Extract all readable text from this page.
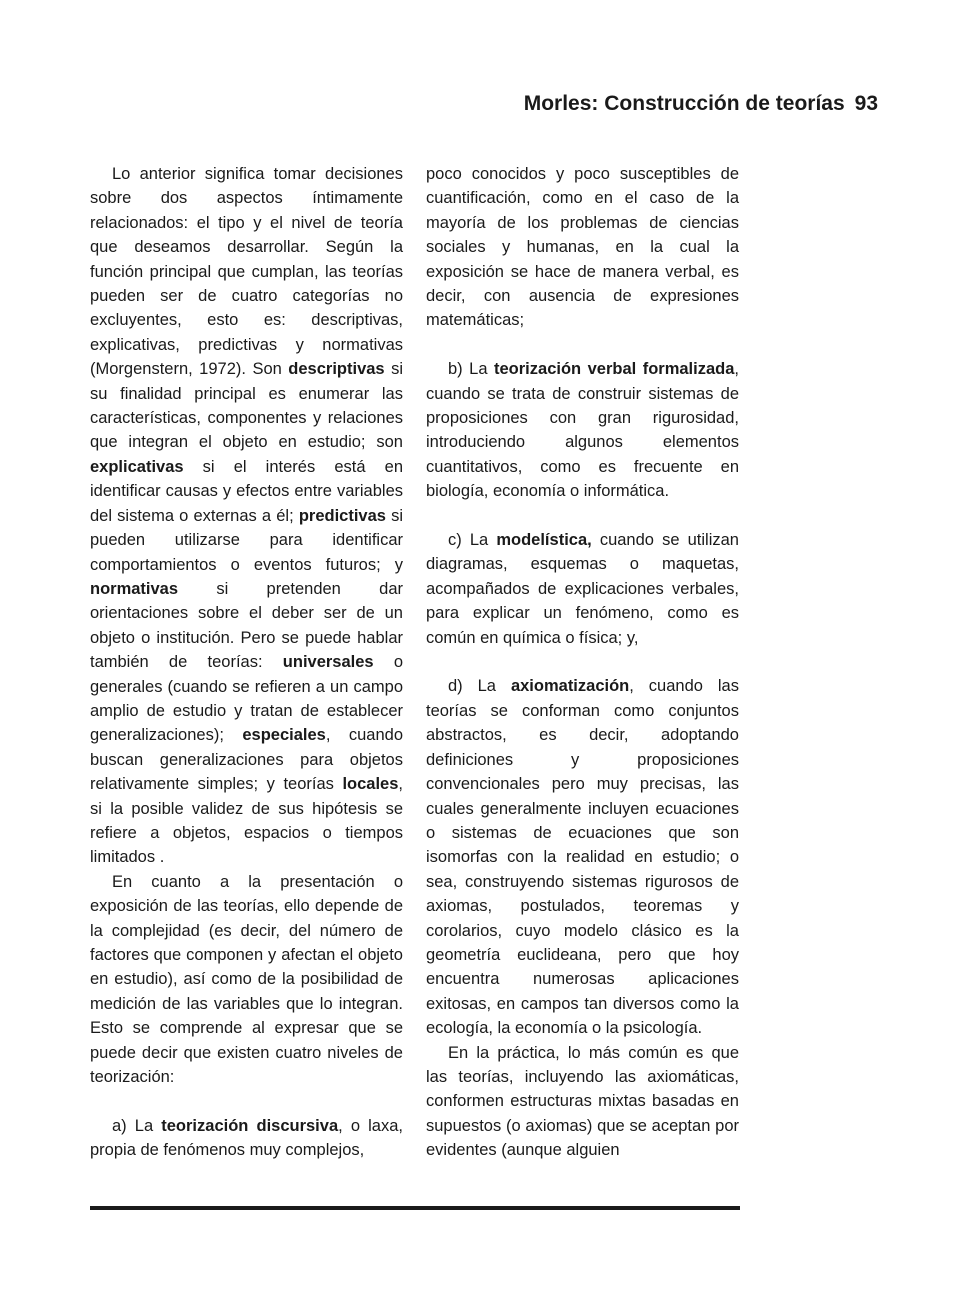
Morles: Construcción de teorías 93

Lo anterior significa tomar decisiones sobre dos aspectos íntimamente relacionados: el tipo y el nivel de teoría que deseamos desarrollar. Según la función principal que cumplan, las teorías pueden ser de cuatro categorías no excluyentes, esto es: descriptivas, explicativas, predictivas y normativas (Morgenstern, 1972). Son descriptivas si su finalidad principal es enumerar las características, componentes y relaciones que integran el objeto en estudio; son explicativas si el interés está en identificar causas y efectos entre variables del sistema o externas a él; predictivas si pueden utilizarse para identificar comportamientos o eventos futuros; y normativas si pretenden dar orientaciones sobre el deber ser de un objeto o institución. Pero se puede hablar también de teorías: universales o generales (cuando se refieren a un campo amplio de estudio y tratan de establecer generalizaciones); especiales, cuando buscan generalizaciones para objetos relativamente simples; y teorías locales, si la posible validez de sus hipótesis se refiere a objetos, espacios o tiempos limitados .

En cuanto a la presentación o exposición de las teorías, ello depende de la complejidad (es decir, del número de factores que componen y afectan el objeto en estudio), así como de la posibilidad de medición de las variables que lo integran. Esto se comprende al expresar que se puede decir que existen cuatro niveles de teorización:

a) La teorización discursiva, o laxa, propia de fenómenos muy complejos,

poco conocidos y poco susceptibles de cuantificación, como en el caso de la mayoría de los problemas de ciencias sociales y humanas, en la cual la exposición se hace de manera verbal, es decir, con ausencia de expresiones matemáticas;

b) La teorización verbal formalizada, cuando se trata de construir sistemas de proposiciones con gran rigurosidad, introduciendo algunos elementos cuantitativos, como es frecuente en biología, economía o informática.

c) La modelística, cuando se utilizan diagramas, esquemas o maquetas, acompañados de explicaciones verbales, para explicar un fenómeno, como es común en química o física; y,

d) La axiomatización, cuando las teorías se conforman como conjuntos abstractos, es decir, adoptando definiciones y proposiciones convencionales pero muy precisas, las cuales generalmente incluyen ecuaciones o sistemas de ecuaciones que son isomorfas con la realidad en estudio; o sea, construyendo sistemas rigurosos de axiomas, postulados, teoremas y corolarios, cuyo modelo clásico es la geometría euclideana, pero que hoy encuentra numerosas aplicaciones exitosas, en campos tan diversos como la ecología, la economía o la psicología.

En la práctica, lo más común es que las teorías, incluyendo las axiomáticas, conformen estructuras mixtas basadas en supuestos (o axiomas) que se aceptan por evidentes (aunque alguien
